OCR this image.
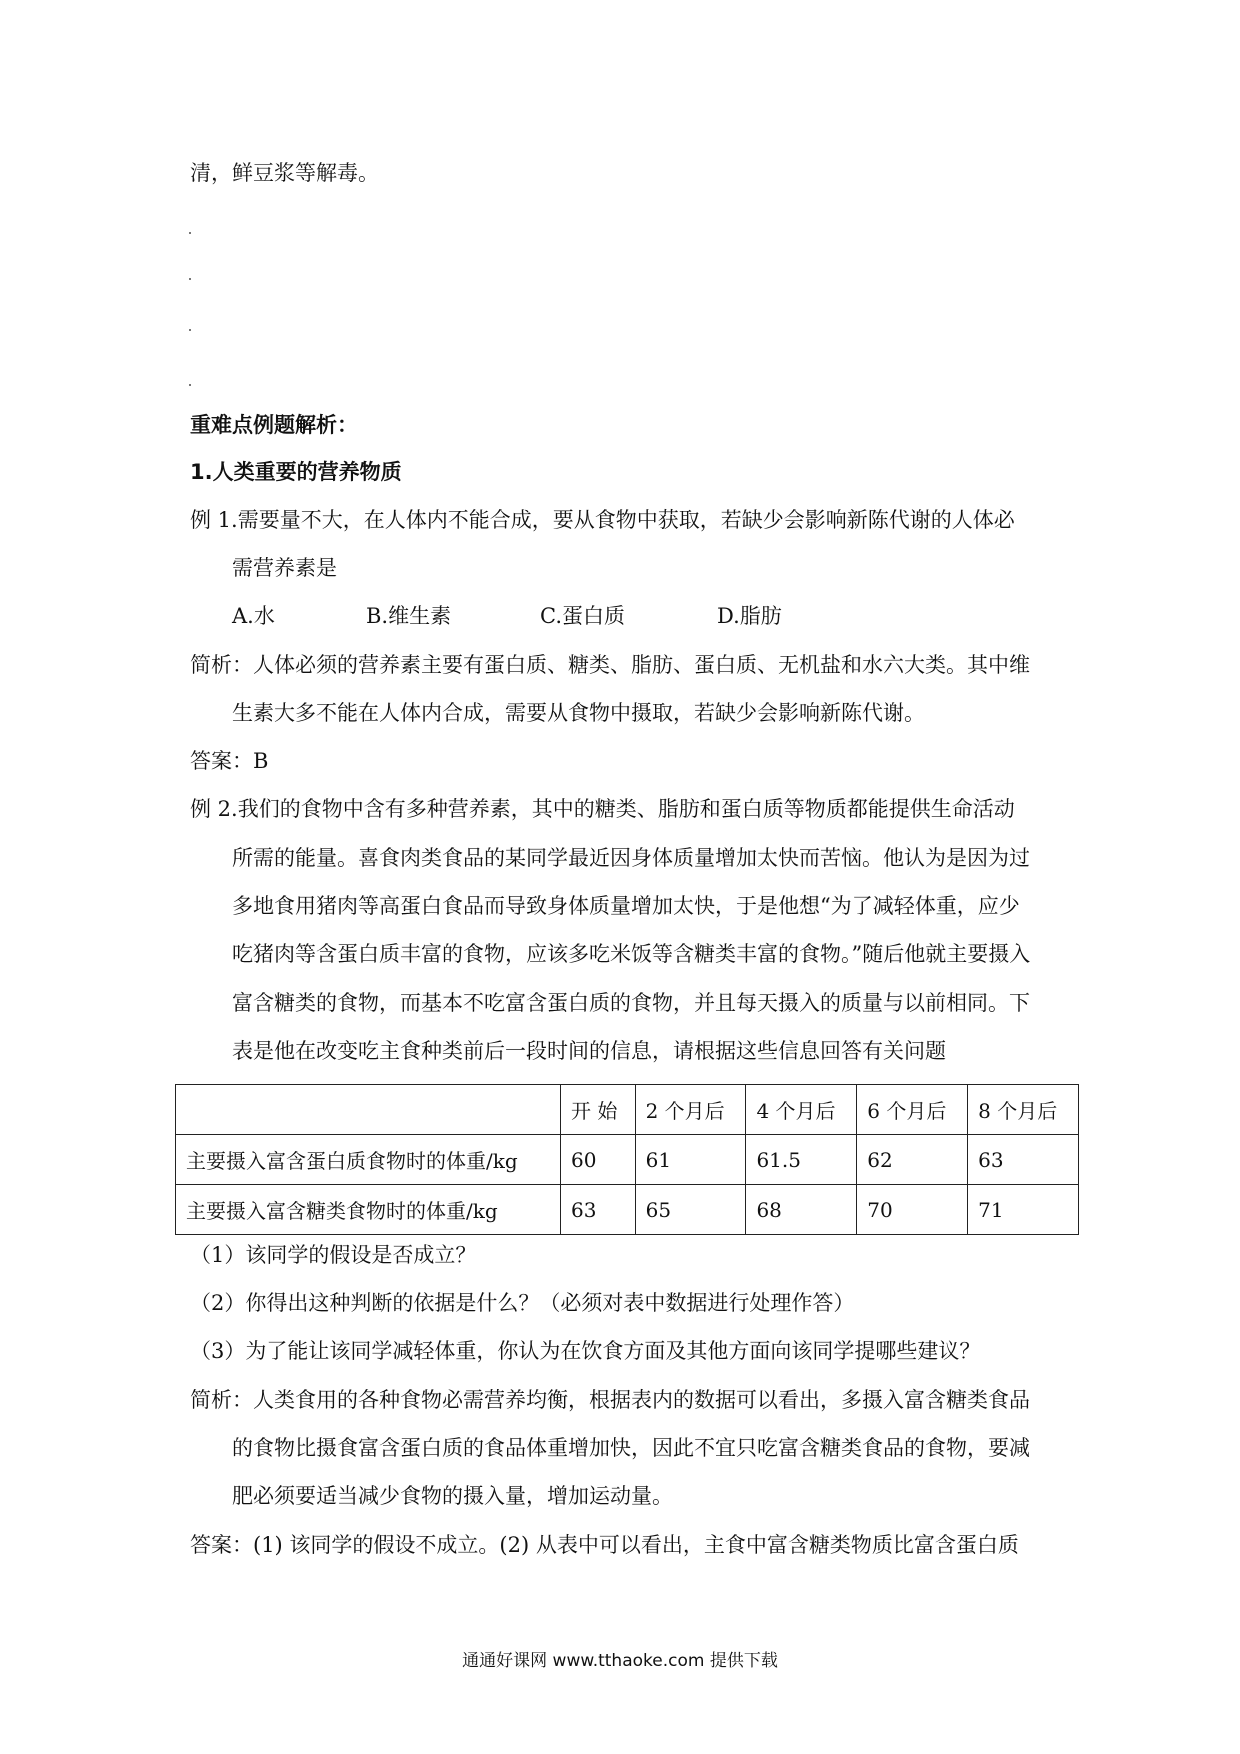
清，鲜豆浆等解毒。
重难点例题解析：
1.人类重要的营养物质
例 1.需要量不大，在人体内不能合成，要从食物中获取，若缺少会影响新陈代谢的人体必
需营养素是
A.水	B.维生素	C.蛋白质	D.脂肪
简析：人体必须的营养素主要有蛋白质、糖类、脂肪、蛋白质、无机盐和水六大类。其中维
生素大多不能在人体内合成，需要从食物中摄取，若缺少会影响新陈代谢。
答案：B
例 2.我们的食物中含有多种营养素，其中的糖类、脂肪和蛋白质等物质都能提供生命活动
所需的能量。喜食肉类食品的某同学最近因身体质量增加太快而苦恼。他认为是因为过
多地食用猪肉等高蛋白食品而导致身体质量增加太快，于是他想“为了减轻体重，应少
吃猪肉等含蛋白质丰富的食物，应该多吃米饭等含糖类丰富的食物。”随后他就主要摄入
富含糖类的食物，而基本不吃富含蛋白质的食物，并且每天摄入的质量与以前相同。下
表是他在改变吃主食种类前后一段时间的信息，请根据这些信息回答有关问题
	开 始	2 个月后	4 个月后	6 个月后	8 个月后
主要摄入富含蛋白质食物时的体重/kg	60	61	61.5	62	63
主要摄入富含糖类食物时的体重/kg	63	65	68	70	71
（1）该同学的假设是否成立？
（2）你得出这种判断的依据是什么？（必须对表中数据进行处理作答）
（3）为了能让该同学减轻体重，你认为在饮食方面及其他方面向该同学提哪些建议？
简析：人类食用的各种食物必需营养均衡，根据表内的数据可以看出，多摄入富含糖类食品
的食物比摄食富含蛋白质的食品体重增加快，因此不宜只吃富含糖类食品的食物，要减
肥必须要适当减少食物的摄入量，增加运动量。
答案：(1) 该同学的假设不成立。(2) 从表中可以看出，主食中富含糖类物质比富含蛋白质
通通好课网 www.tthaoke.com 提供下载
